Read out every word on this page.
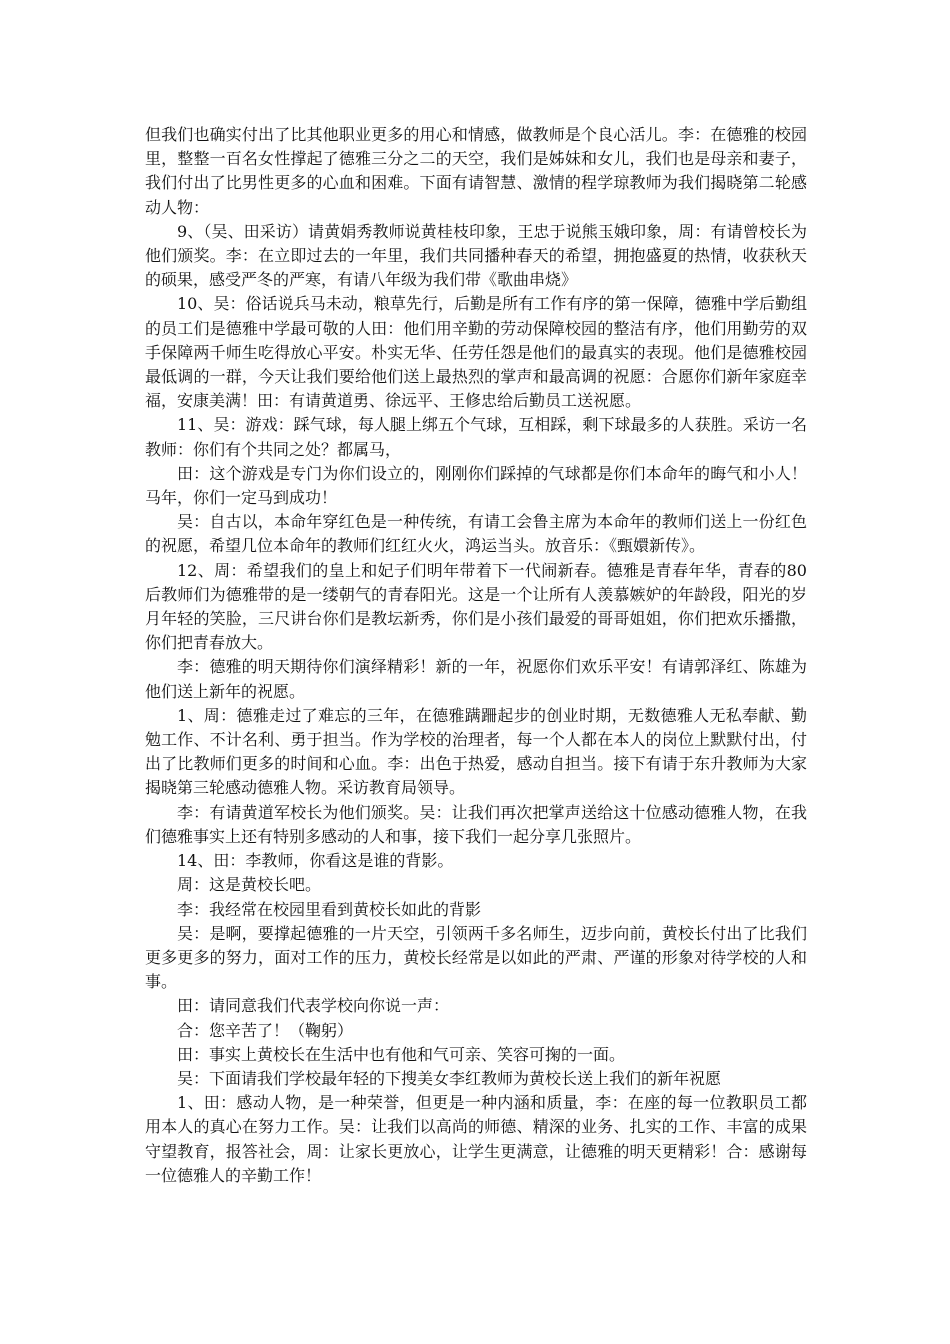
但我们也确实付出了比其他职业更多的用心和情感，做教师是个良心活儿。李：在德雅的校园里，整整一百名女性撑起了德雅三分之二的天空，我们是姊妹和女儿，我们也是母亲和妻子，我们付出了比男性更多的心血和困难。下面有请智慧、激情的程学琼教师为我们揭晓第二轮感动人物：

9、（吴、田采访）请黄娟秀教师说黄桂枝印象，王忠于说熊玉娥印象，周：有请曾校长为他们颁奖。李：在立即过去的一年里，我们共同播种春天的希望，拥抱盛夏的热情，收获秋天的硕果，感受严冬的严寒，有请八年级为我们带《歌曲串烧》

10、吴：俗话说兵马未动，粮草先行，后勤是所有工作有序的第一保障，德雅中学后勤组的员工们是德雅中学最可敬的人田：他们用辛勤的劳动保障校园的整洁有序，他们用勤劳的双手保障两千师生吃得放心平安。朴实无华、任劳任怨是他们的最真实的表现。他们是德雅校园最低调的一群，今天让我们要给他们送上最热烈的掌声和最高调的祝愿：合愿你们新年家庭幸福，安康美满！田：有请黄道勇、徐远平、王修忠给后勤员工送祝愿。

11、吴：游戏：踩气球，每人腿上绑五个气球，互相踩，剩下球最多的人获胜。采访一名教师：你们有个共同之处？都属马，

田：这个游戏是专门为你们设立的，刚刚你们踩掉的气球都是你们本命年的晦气和小人！马年，你们一定马到成功！

吴：自古以，本命年穿红色是一种传统，有请工会鲁主席为本命年的教师们送上一份红色的祝愿，希望几位本命年的教师们红红火火，鸿运当头。放音乐：《甄嬛新传》。

12、周：希望我们的皇上和妃子们明年带着下一代闹新春。德雅是青春年华，青春的80后教师们为德雅带的是一缕朝气的青春阳光。这是一个让所有人羡慕嫉妒的年龄段，阳光的岁月年轻的笑脸，三尺讲台你们是教坛新秀，你们是小孩们最爱的哥哥姐姐，你们把欢乐播撒，你们把青春放大。

李：德雅的明天期待你们演绎精彩！新的一年，祝愿你们欢乐平安！有请郭泽红、陈雄为他们送上新年的祝愿。

1、周：德雅走过了难忘的三年，在德雅蹒跚起步的创业时期，无数德雅人无私奉献、勤勉工作、不计名利、勇于担当。作为学校的治理者，每一个人都在本人的岗位上默默付出，付出了比教师们更多的时间和心血。李：出色于热爱，感动自担当。接下有请于东升教师为大家揭晓第三轮感动德雅人物。采访教育局领导。

李：有请黄道军校长为他们颁奖。吴：让我们再次把掌声送给这十位感动德雅人物，在我们德雅事实上还有特别多感动的人和事，接下我们一起分享几张照片。

14、田：李教师，你看这是谁的背影。

周：这是黄校长吧。

李：我经常在校园里看到黄校长如此的背影

吴：是啊，要撑起德雅的一片天空，引领两千多名师生，迈步向前，黄校长付出了比我们更多更多的努力，面对工作的压力，黄校长经常是以如此的严肃、严谨的形象对待学校的人和事。

田：请同意我们代表学校向你说一声：

合：您辛苦了！（鞠躬）

田：事实上黄校长在生活中也有他和气可亲、笑容可掬的一面。

吴：下面请我们学校最年轻的下搜美女李红教师为黄校长送上我们的新年祝愿

1、田：感动人物，是一种荣誉，但更是一种内涵和质量，李：在座的每一位教职员工都用本人的真心在努力工作。吴：让我们以高尚的师德、精深的业务、扎实的工作、丰富的成果守望教育，报答社会，周：让家长更放心，让学生更满意，让德雅的明天更精彩！合：感谢每一位德雅人的辛勤工作！
